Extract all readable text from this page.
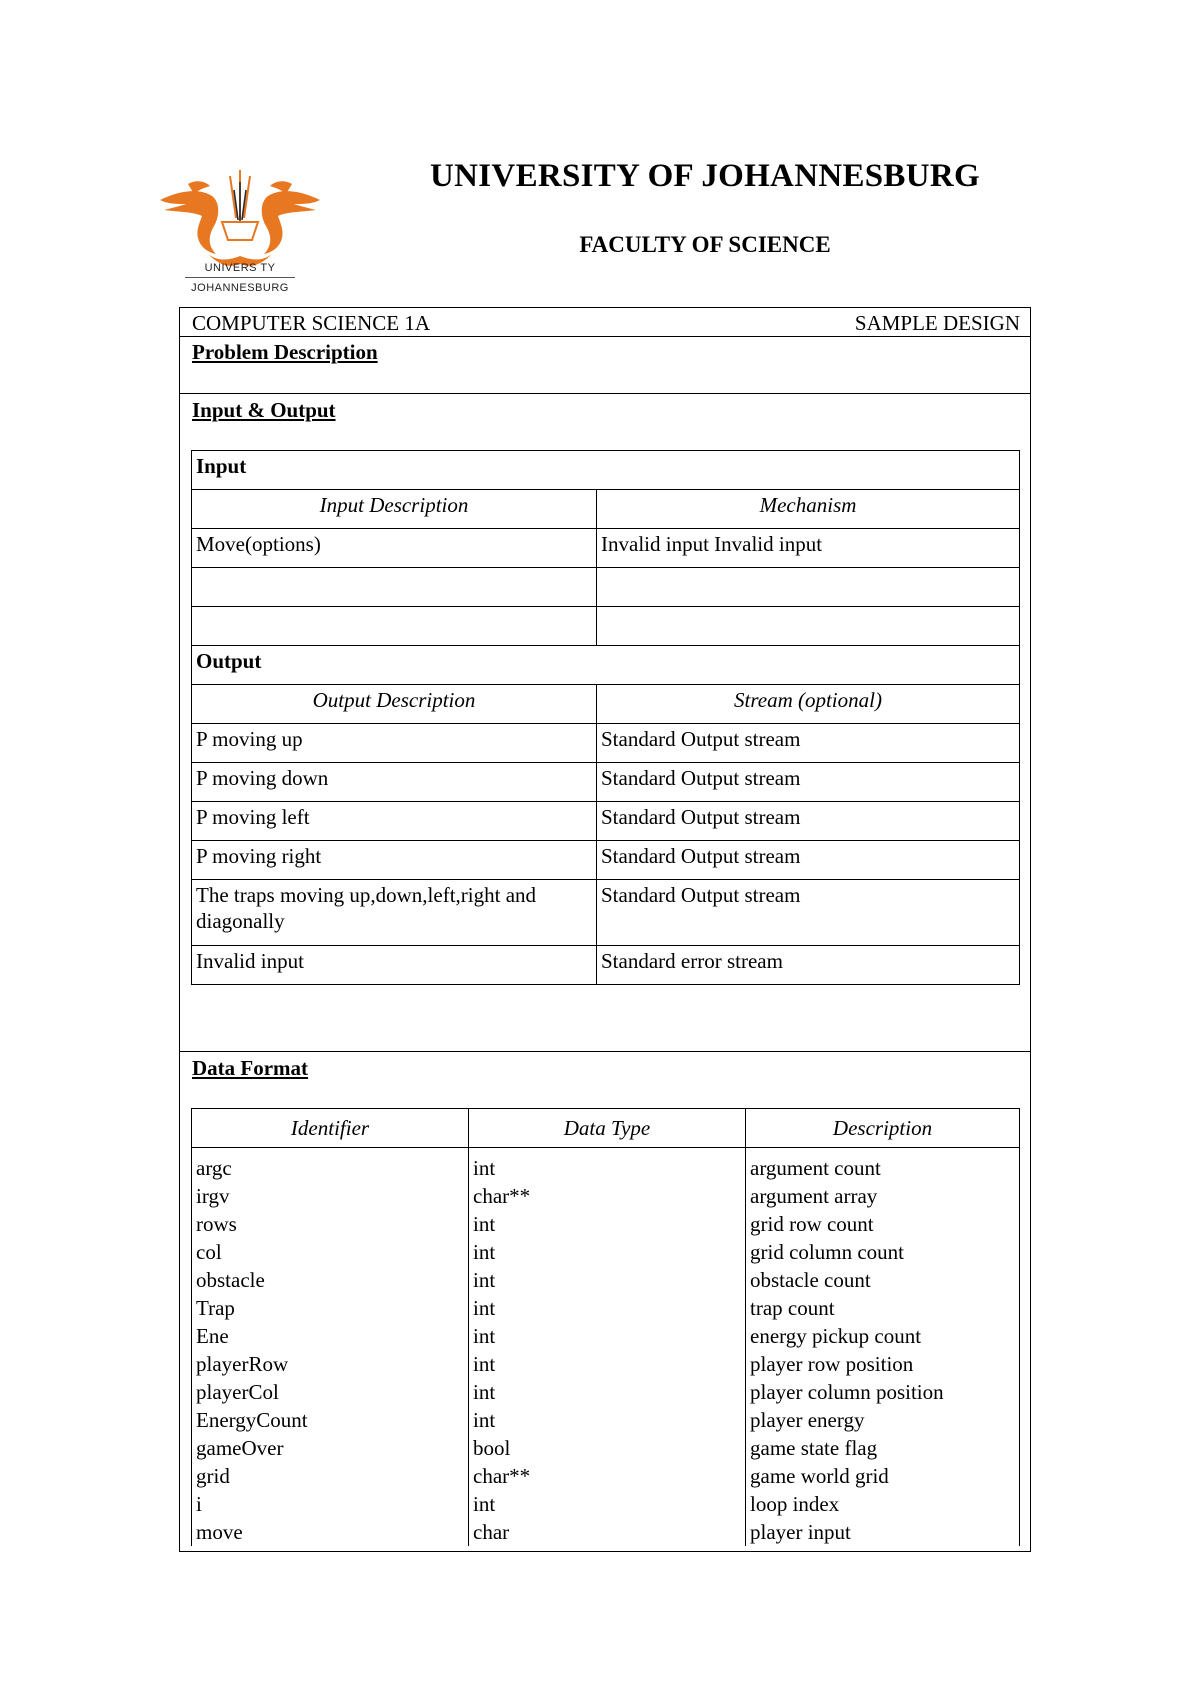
UNIVERS TY
JOHANNESBURG
UNIVERSITY OF JOHANNESBURG
FACULTY OF SCIENCE
COMPUTER SCIENCE 1A	SAMPLE DESIGN
Problem Description
Input & Output
Input	
Input Description	Mechanism
Move(options)	Invalid input Invalid input

Output	
Output Description	Stream (optional)
P moving up	Standard Output stream
P moving down	Standard Output stream
P moving left	Standard Output stream
P moving right	Standard Output stream
The traps moving up,down,left,right and diagonally	Standard Output stream
Invalid input	Standard error stream
Data Format
Identifier	Data Type	Description
argc	int	argument count
irgv	char**	argument array
rows	int	grid row count
col	int	grid column count
obstacle	int	obstacle count
Trap	int	trap count
Ene	int	energy pickup count
playerRow	int	player row position
playerCol	int	player column position
EnergyCount	int	player energy
gameOver	bool	game state flag
grid	char**	game world grid
i	int	loop index
move	char	player input
